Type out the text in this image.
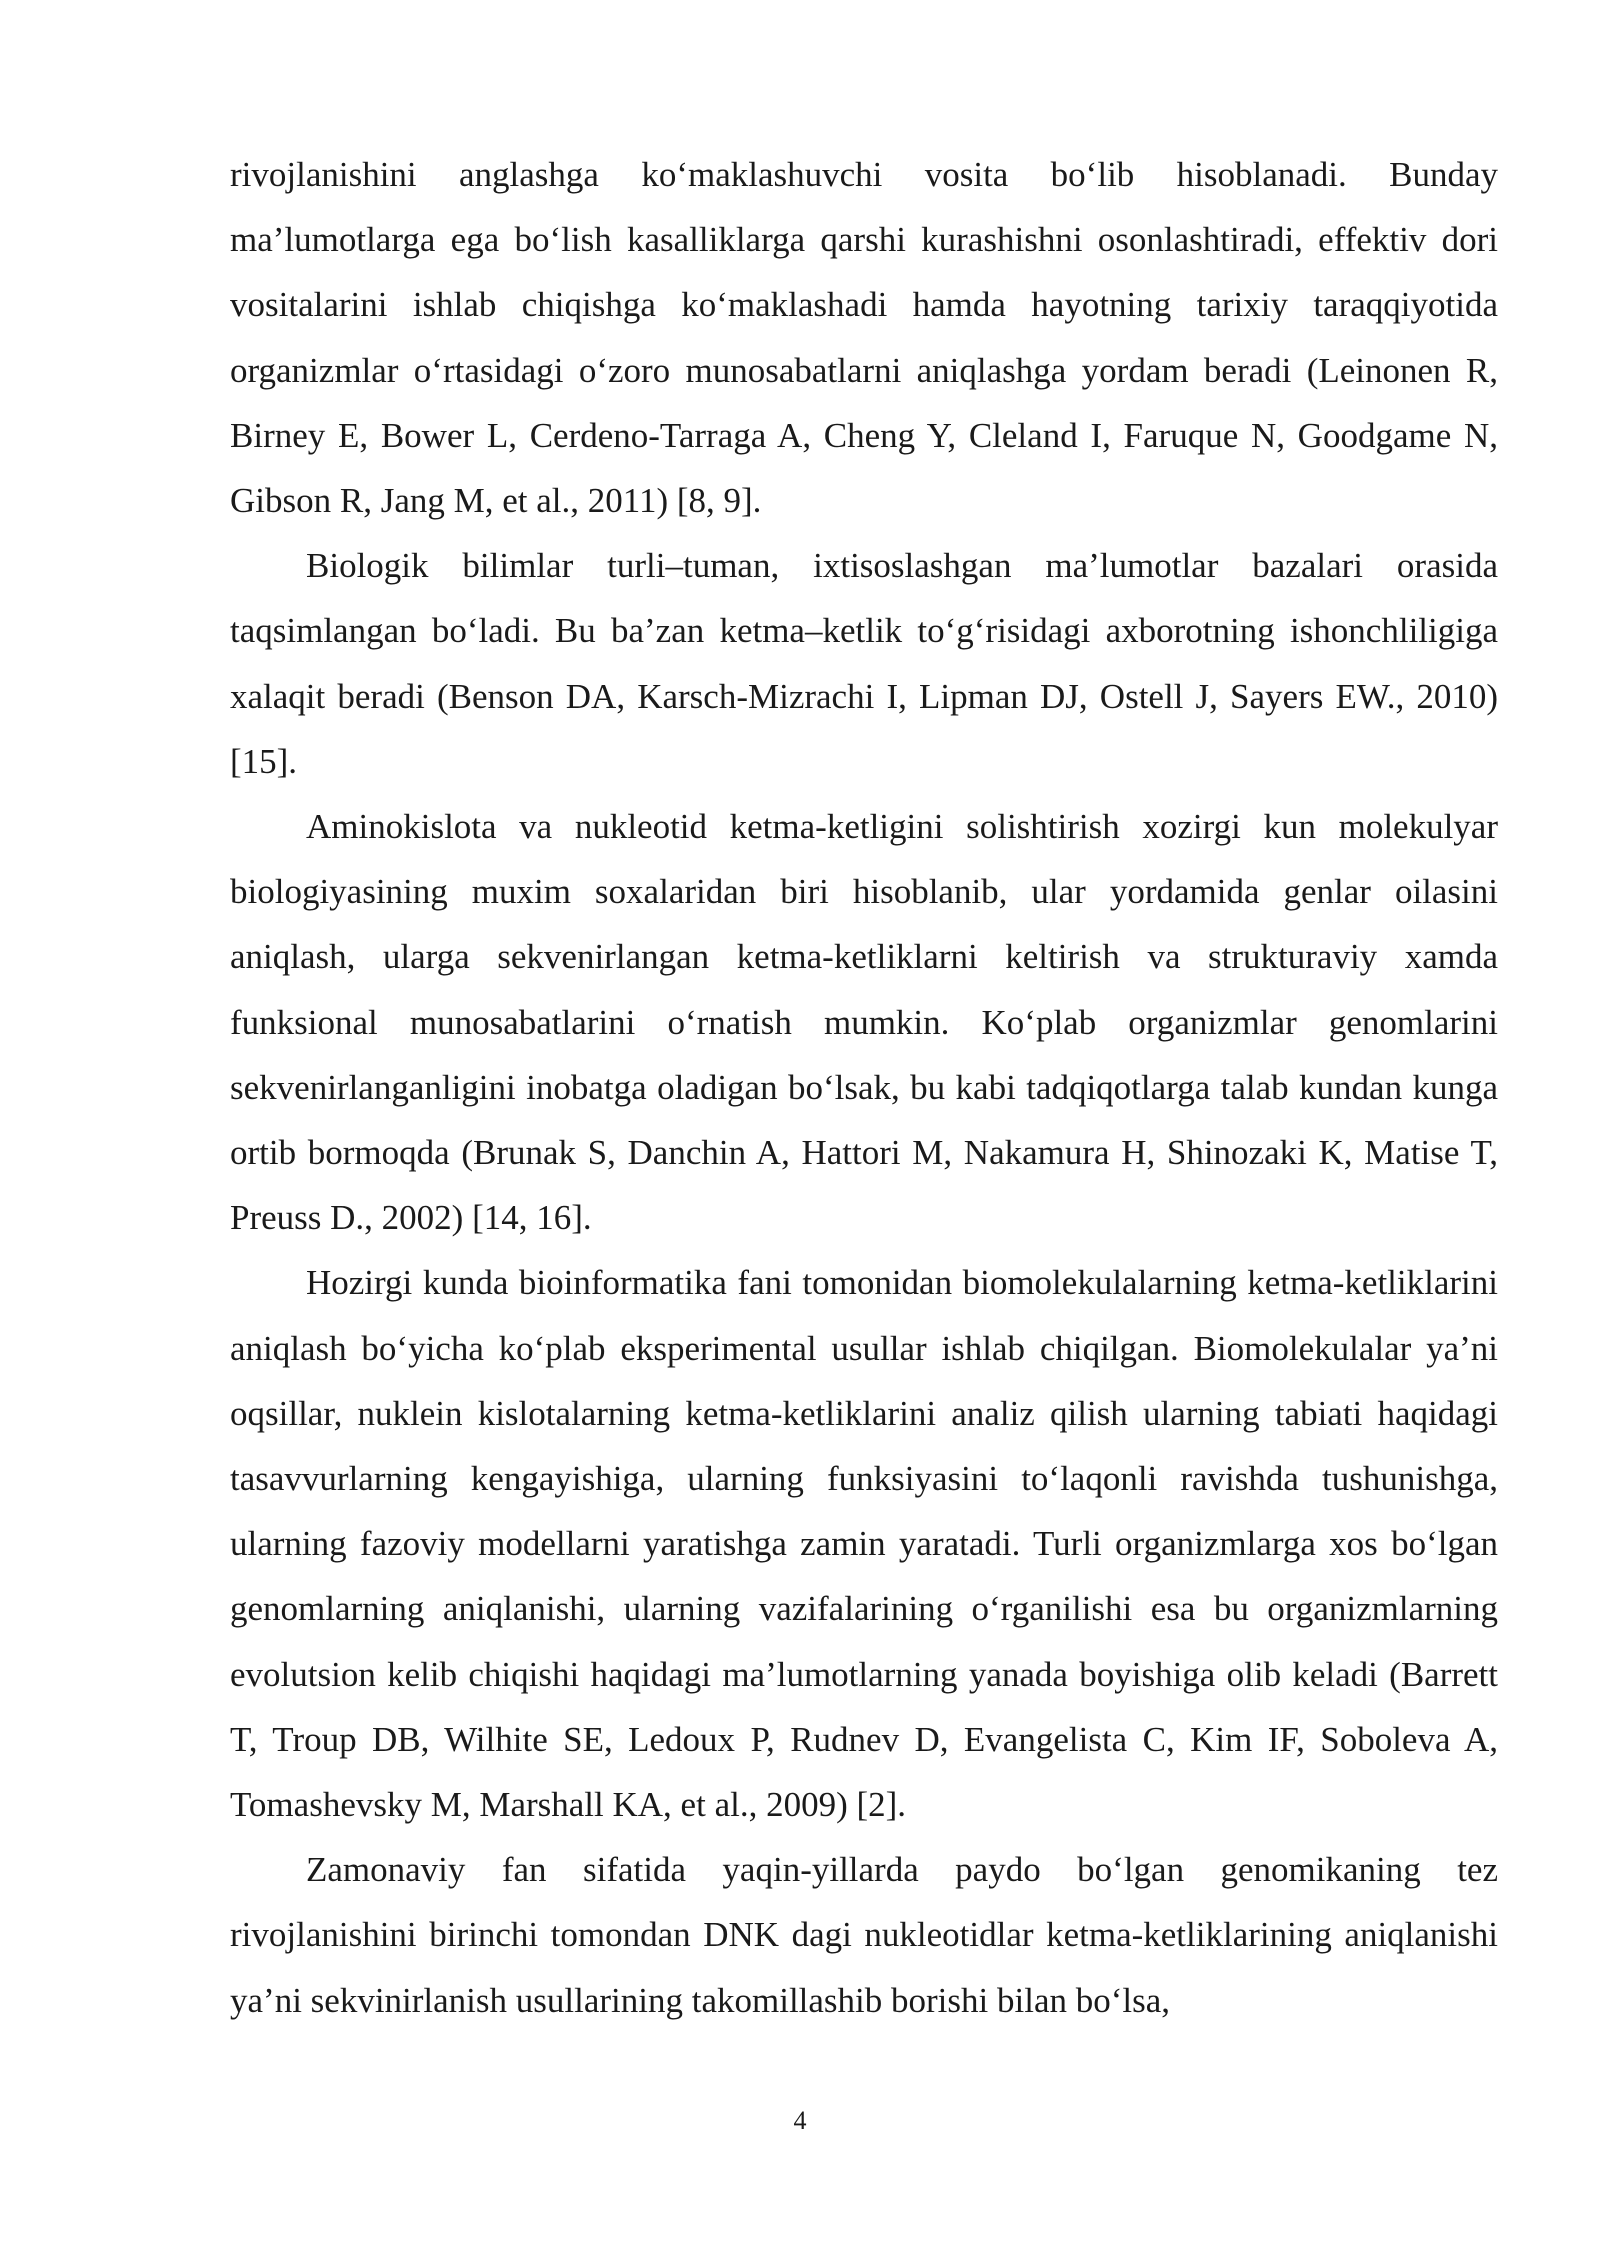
rivojlanishini anglashga ko‘maklashuvchi vosita bo‘lib hisoblanadi. Bunday ma’lumotlarga ega bo‘lish kasalliklarga qarshi kurashishni osonlashtiradi, effektiv dori vositalarini ishlab chiqishga ko‘maklashadi hamda hayotning tarixiy taraqqiyotida organizmlar o‘rtasidagi o‘zoro munosabatlarni aniqlashga yordam beradi (Leinonen R, Birney E, Bower L, Cerdeno-Tarraga A, Cheng Y, Cleland I, Faruque N, Goodgame N, Gibson R, Jang M, et al., 2011) [8, 9].

Biologik bilimlar turli–tuman, ixtisoslashgan ma’lumotlar bazalari orasida taqsimlangan bo‘ladi. Bu ba’zan ketma–ketlik to‘g‘risidagi axborotning ishonchliligiga xalaqit beradi (Benson DA, Karsch-Mizrachi I, Lipman DJ, Ostell J, Sayers EW., 2010) [15].

Aminokislota va nukleotid ketma-ketligini solishtirish xozirgi kun molekulyar biologiyasining muxim soxalaridan biri hisoblanib, ular yordamida genlar oilasini aniqlash, ularga sekvenirlangan ketma-ketliklarni keltirish va strukturaviy xamda funksional munosabatlarini o‘rnatish mumkin. Ko‘plab organizmlar genomlarini sekvenirlanganligini inobatga oladigan bo‘lsak, bu kabi tadqiqotlarga talab kundan kunga ortib bormoqda (Brunak S, Danchin A, Hattori M, Nakamura H, Shinozaki K, Matise T, Preuss D., 2002) [14, 16].

Hozirgi kunda bioinformatika fani tomonidan biomolekulalarning ketma-ketliklarini aniqlash bo‘yicha ko‘plab eksperimental usullar ishlab chiqilgan. Biomolekulalar ya’ni oqsillar, nuklein kislotalarning ketma-ketliklarini analiz qilish ularning tabiati haqidagi tasavvurlarning kengayishiga, ularning funksiyasini to‘laqonli ravishda tushunishga, ularning fazoviy modellarni yaratishga zamin yaratadi. Turli organizmlarga xos bo‘lgan genomlarning aniqlanishi, ularning vazifalarining o‘rganilishi esa bu organizmlarning evolutsion kelib chiqishi haqidagi ma’lumotlarning yanada boyishiga olib keladi (Barrett T, Troup DB, Wilhite SE, Ledoux P, Rudnev D, Evangelista C, Kim IF, Soboleva A, Tomashevsky M, Marshall KA, et al., 2009) [2].

Zamonaviy fan sifatida yaqin-yillarda paydo bo‘lgan genomikaning tez rivojlanishini birinchi tomondan DNK dagi nukleotidlar ketma-ketliklarining aniqlanishi ya’ni sekvinirlanish usullarining takomillashib borishi bilan bo‘lsa,

4
